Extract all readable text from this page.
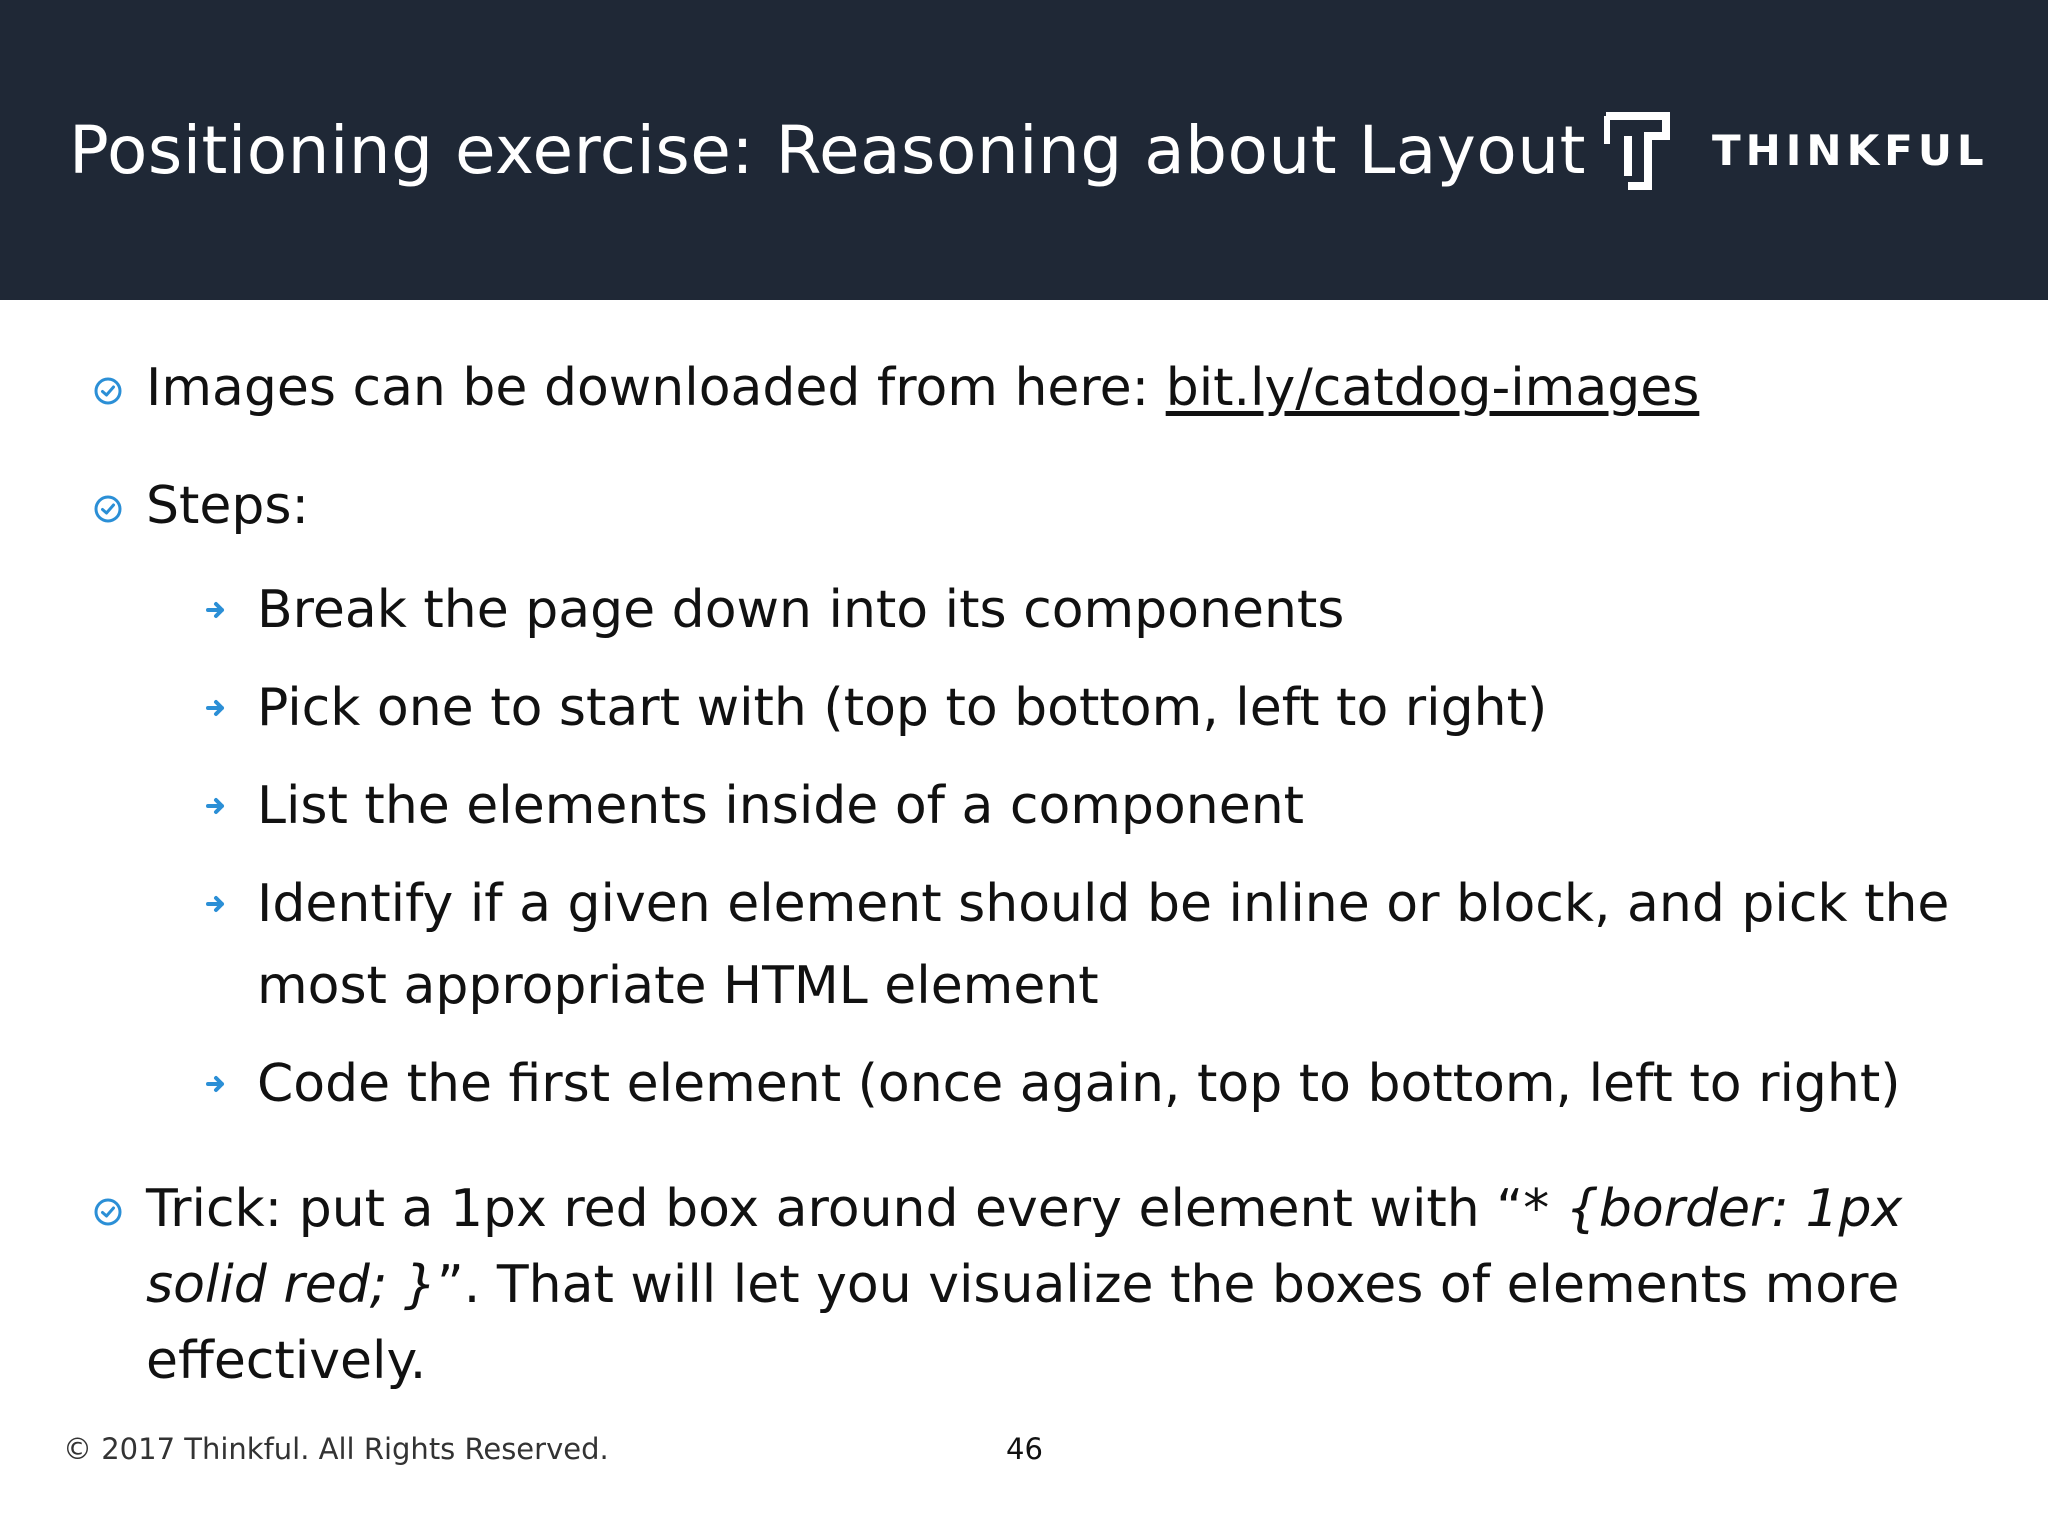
Positioning exercise: Reasoning about Layout	THINKFUL
Images can be downloaded from here: bit.ly/catdog-images
Steps:
Break the page down into its components
Pick one to start with (top to bottom, left to right)
List the elements inside of a component
Identify if a given element should be inline or block, and pick the most appropriate HTML element
Code the first element (once again, top to bottom, left to right)
Trick: put a 1px red box around every element with “* {border: 1px solid red; }”. That will let you visualize the boxes of elements more effectively.
© 2017 Thinkful. All Rights Reserved.	46
